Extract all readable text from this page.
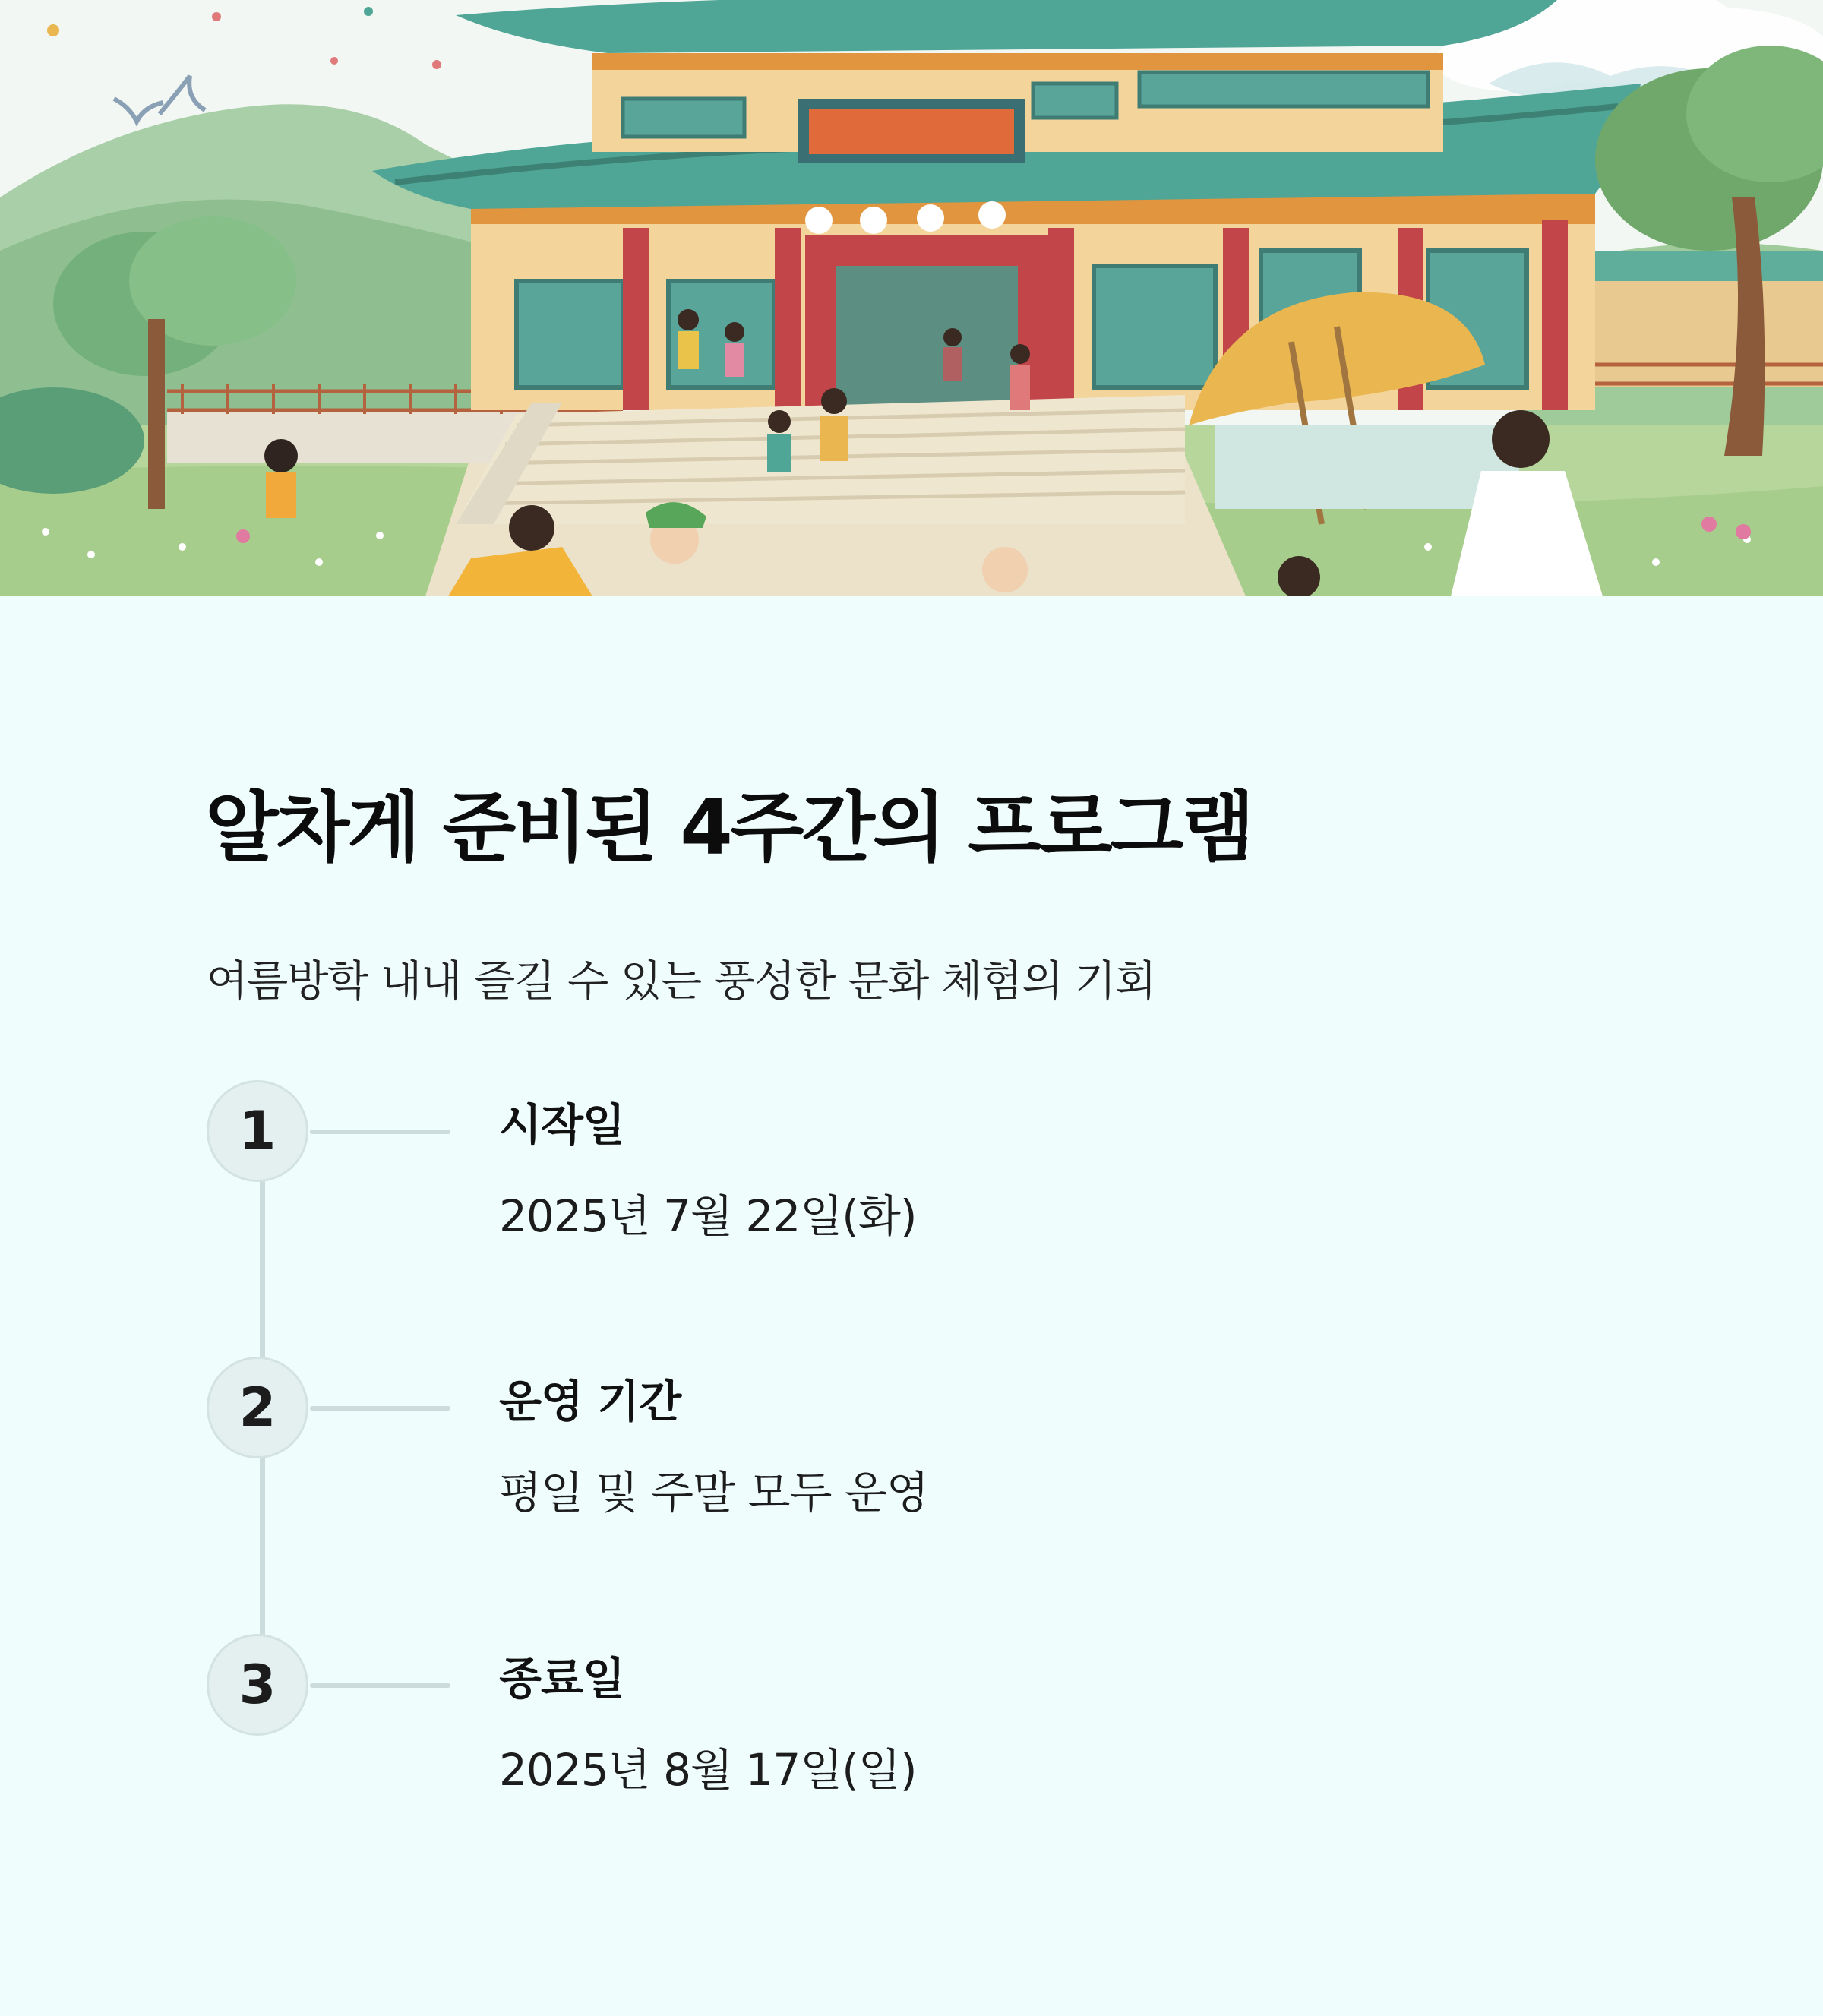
알차게 준비된 4주간의 프로그램

여름방학 내내 즐길 수 있는 풍성한 문화 체험의 기회

1	시작일
2025년 7월 22일(화)
2	운영 기간
평일 및 주말 모두 운영
3	종료일
2025년 8월 17일(일)
